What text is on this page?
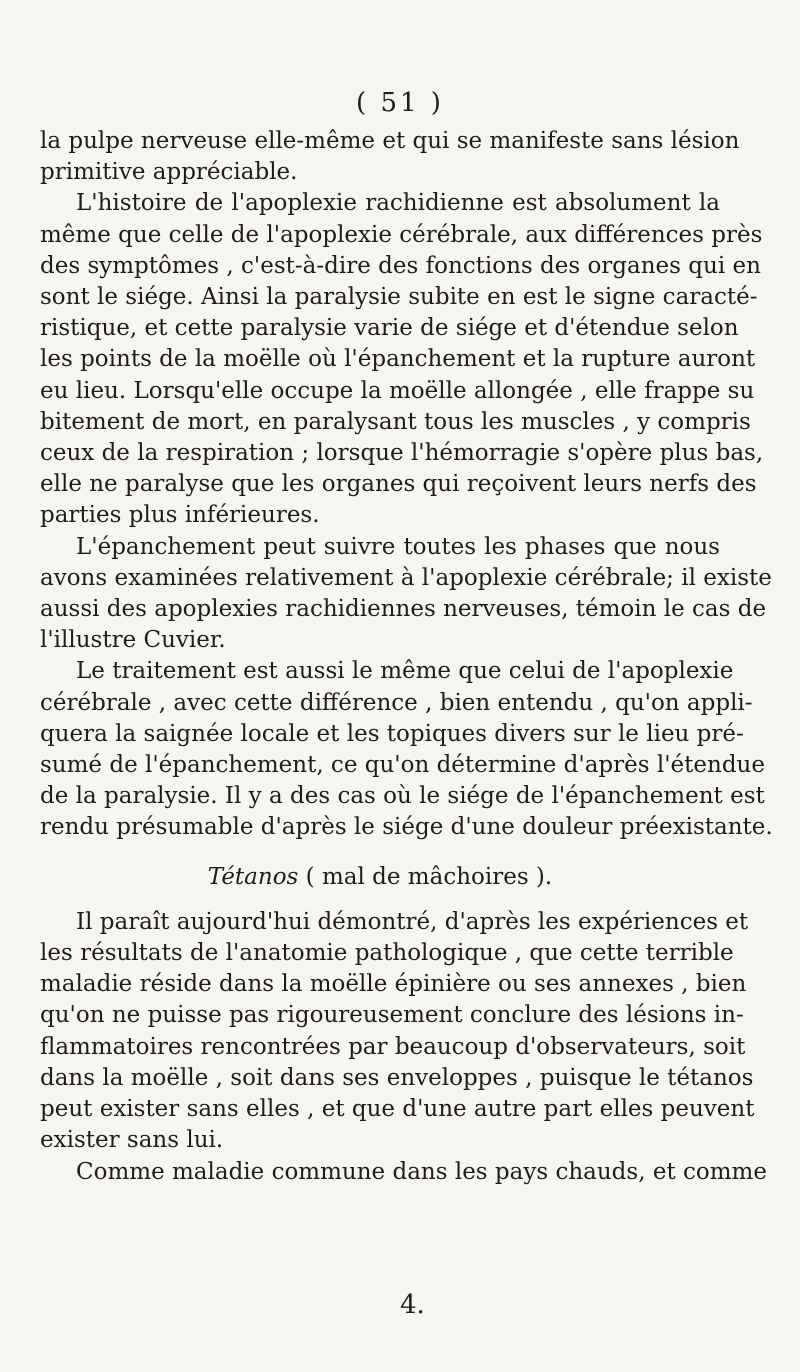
( 51 )
la pulpe nerveuse elle-même et qui se manifeste sans lésion
primitive appréciable.
L'histoire de l'apoplexie rachidienne est absolument la
même que celle de l'apoplexie cérébrale, aux différences près
des symptômes , c'est-à-dire des fonctions des organes qui en
sont le siége. Ainsi la paralysie subite en est le signe caracté-
ristique, et cette paralysie varie de siége et d'étendue selon
les points de la moëlle où l'épanchement et la rupture auront
eu lieu. Lorsqu'elle occupe la moëlle allongée , elle frappe su
bitement de mort, en paralysant tous les muscles , y compris
ceux de la respiration ; lorsque l'hémorragie s'opère plus bas,
elle ne paralyse que les organes qui reçoivent leurs nerfs des
parties plus inférieures.
L'épanchement peut suivre toutes les phases que nous
avons examinées relativement à l'apoplexie cérébrale; il existe
aussi des apoplexies rachidiennes nerveuses, témoin le cas de
l'illustre Cuvier.
Le traitement est aussi le même que celui de l'apoplexie
cérébrale , avec cette différence , bien entendu , qu'on appli-
quera la saignée locale et les topiques divers sur le lieu pré-
sumé de l'épanchement, ce qu'on détermine d'après l'étendue
de la paralysie. Il y a des cas où le siége de l'épanchement est
rendu présumable d'après le siége d'une douleur préexistante.
Tétanos ( mal de mâchoires ).
Il paraît aujourd'hui démontré, d'après les expériences et
les résultats de l'anatomie pathologique , que cette terrible
maladie réside dans la moëlle épinière ou ses annexes , bien
qu'on ne puisse pas rigoureusement conclure des lésions in-
flammatoires rencontrées par beaucoup d'observateurs, soit
dans la moëlle , soit dans ses enveloppes , puisque le tétanos
peut exister sans elles , et que d'une autre part elles peuvent
exister sans lui.
Comme maladie commune dans les pays chauds, et comme
4.
